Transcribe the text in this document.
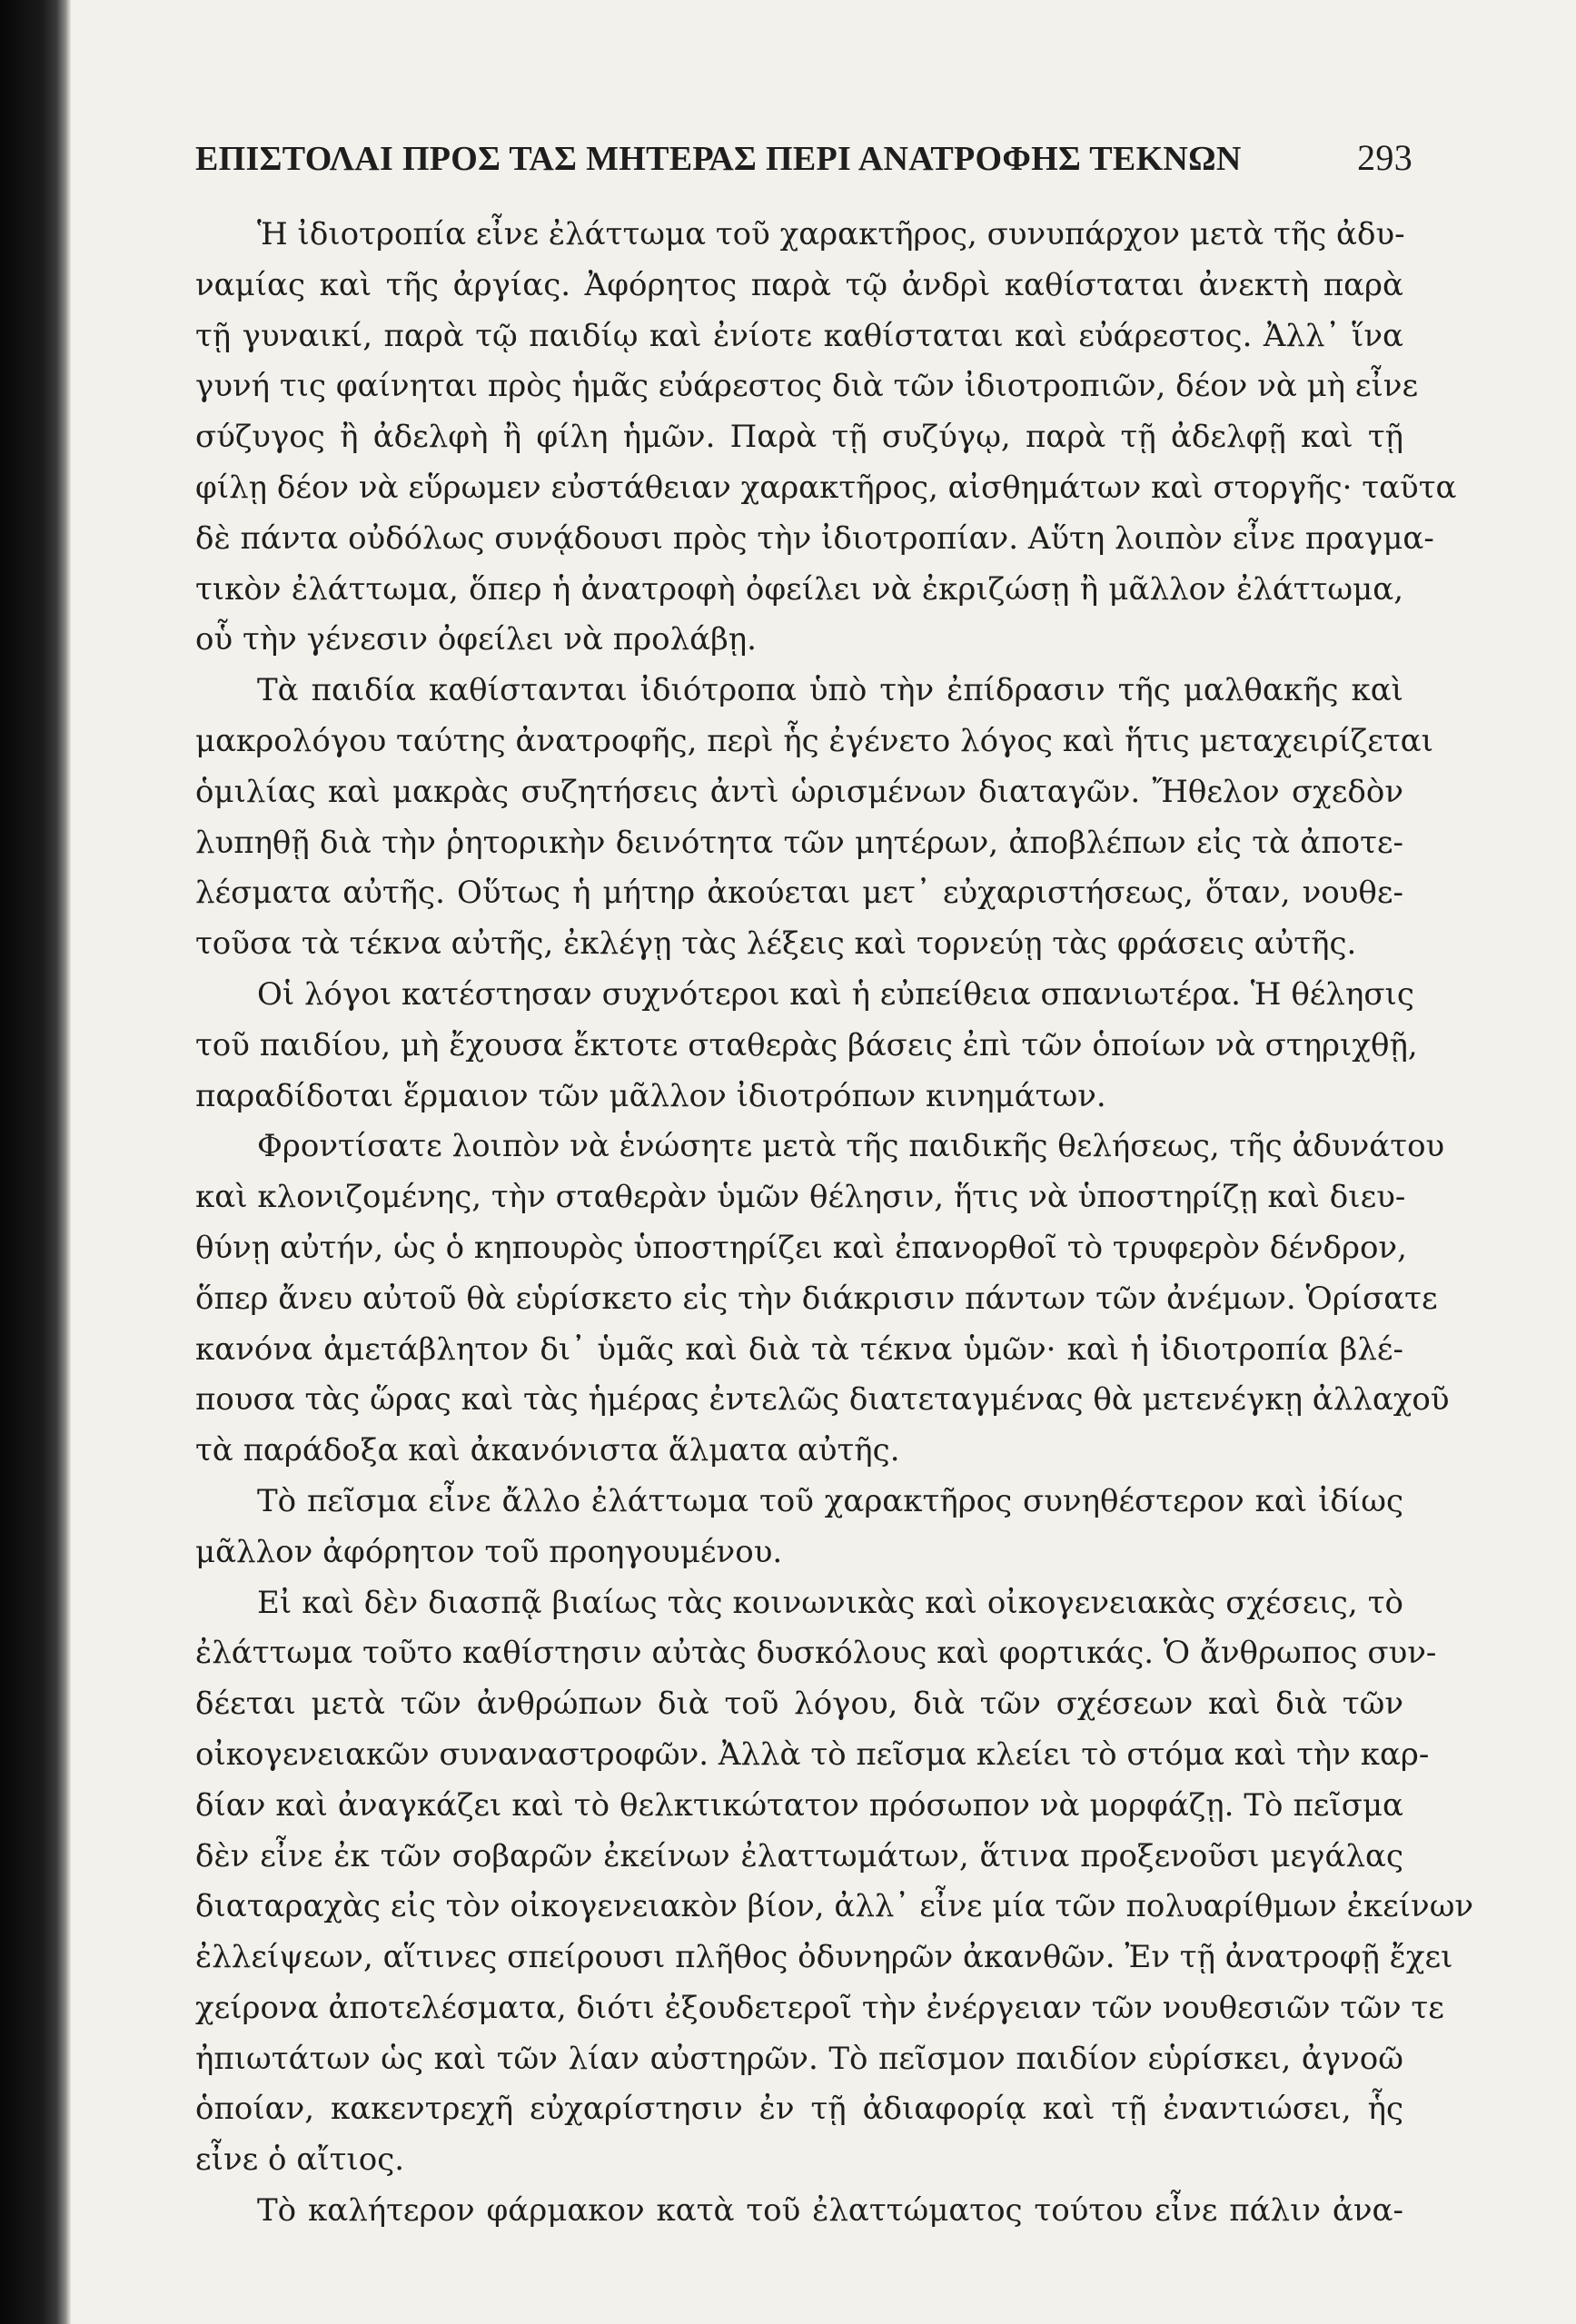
ΕΠΙΣΤΟΛΑΙ ΠΡΟΣ ΤΑΣ ΜΗΤΕΡΑΣ ΠΕΡΙ ΑΝΑΤΡΟΦΗΣ ΤΕΚΝΩΝ	293
Ἡ ἰδιοτροπία εἶνε ἐλάττωμα τοῦ χαρακτῆρος, συνυπάρχον μετὰ τῆς ἀδυ-
ναμίας καὶ τῆς ἀργίας. Ἀφόρητος παρὰ τῷ ἀνδρὶ καθίσταται ἀνεκτὴ παρὰ
τῇ γυναικί, παρὰ τῷ παιδίῳ καὶ ἐνίοτε καθίσταται καὶ εὐάρεστος. Ἀλλ᾽ ἵνα
γυνή τις φαίνηται πρὸς ἡμᾶς εὐάρεστος διὰ τῶν ἰδιοτροπιῶν, δέον νὰ μὴ εἶνε
σύζυγος ἢ ἀδελφὴ ἢ φίλη ἡμῶν. Παρὰ τῇ συζύγῳ, παρὰ τῇ ἀδελφῇ καὶ τῇ
φίλῃ δέον νὰ εὕρωμεν εὐστάθειαν χαρακτῆρος, αἰσθημάτων καὶ στοργῆς· ταῦτα
δὲ πάντα οὐδόλως συνᾴδουσι πρὸς τὴν ἰδιοτροπίαν. Αὕτη λοιπὸν εἶνε πραγμα-
τικὸν ἐλάττωμα, ὅπερ ἡ ἀνατροφὴ ὀφείλει νὰ ἐκριζώσῃ ἢ μᾶλλον ἐλάττωμα,
οὗ τὴν γένεσιν ὀφείλει νὰ προλάβῃ.
Τὰ παιδία καθίστανται ἰδιότροπα ὑπὸ τὴν ἐπίδρασιν τῆς μαλθακῆς καὶ
μακρολόγου ταύτης ἀνατροφῆς, περὶ ἧς ἐγένετο λόγος καὶ ἥτις μεταχειρίζεται
ὁμιλίας καὶ μακρὰς συζητήσεις ἀντὶ ὡρισμένων διαταγῶν. Ἤθελον σχεδὸν
λυπηθῇ διὰ τὴν ῥητορικὴν δεινότητα τῶν μητέρων, ἀποβλέπων εἰς τὰ ἀποτε-
λέσματα αὐτῆς. Οὕτως ἡ μήτηρ ἀκούεται μετ᾽ εὐχαριστήσεως, ὅταν, νουθε-
τοῦσα τὰ τέκνα αὐτῆς, ἐκλέγῃ τὰς λέξεις καὶ τορνεύῃ τὰς φράσεις αὐτῆς.
Οἱ λόγοι κατέστησαν συχνότεροι καὶ ἡ εὐπείθεια σπανιωτέρα. Ἡ θέλησις
τοῦ παιδίου, μὴ ἔχουσα ἔκτοτε σταθερὰς βάσεις ἐπὶ τῶν ὁποίων νὰ στηριχθῇ,
παραδίδοται ἕρμαιον τῶν μᾶλλον ἰδιοτρόπων κινημάτων.
Φροντίσατε λοιπὸν νὰ ἑνώσητε μετὰ τῆς παιδικῆς θελήσεως, τῆς ἀδυνάτου
καὶ κλονιζομένης, τὴν σταθερὰν ὑμῶν θέλησιν, ἥτις νὰ ὑποστηρίζῃ καὶ διευ-
θύνῃ αὐτήν, ὡς ὁ κηπουρὸς ὑποστηρίζει καὶ ἐπανορθοῖ τὸ τρυφερὸν δένδρον,
ὅπερ ἄνευ αὐτοῦ θὰ εὑρίσκετο εἰς τὴν διάκρισιν πάντων τῶν ἀνέμων. Ὁρίσατε
κανόνα ἀμετάβλητον δι᾽ ὑμᾶς καὶ διὰ τὰ τέκνα ὑμῶν· καὶ ἡ ἰδιοτροπία βλέ-
πουσα τὰς ὥρας καὶ τὰς ἡμέρας ἐντελῶς διατεταγμένας θὰ μετενέγκῃ ἀλλαχοῦ
τὰ παράδοξα καὶ ἀκανόνιστα ἅλματα αὐτῆς.
Τὸ πεῖσμα εἶνε ἄλλο ἐλάττωμα τοῦ χαρακτῆρος συνηθέστερον καὶ ἰδίως
μᾶλλον ἀφόρητον τοῦ προηγουμένου.
Εἰ καὶ δὲν διασπᾷ βιαίως τὰς κοινωνικὰς καὶ οἰκογενειακὰς σχέσεις, τὸ
ἐλάττωμα τοῦτο καθίστησιν αὐτὰς δυσκόλους καὶ φορτικάς. Ὁ ἄνθρωπος συν-
δέεται μετὰ τῶν ἀνθρώπων διὰ τοῦ λόγου, διὰ τῶν σχέσεων καὶ διὰ τῶν
οἰκογενειακῶν συναναστροφῶν. Ἀλλὰ τὸ πεῖσμα κλείει τὸ στόμα καὶ τὴν καρ-
δίαν καὶ ἀναγκάζει καὶ τὸ θελκτικώτατον πρόσωπον νὰ μορφάζῃ. Τὸ πεῖσμα
δὲν εἶνε ἐκ τῶν σοβαρῶν ἐκείνων ἐλαττωμάτων, ἅτινα προξενοῦσι μεγάλας
διαταραχὰς εἰς τὸν οἰκογενειακὸν βίον, ἀλλ᾽ εἶνε μία τῶν πολυαρίθμων ἐκείνων
ἐλλείψεων, αἵτινες σπείρουσι πλῆθος ὀδυνηρῶν ἀκανθῶν. Ἐν τῇ ἀνατροφῇ ἔχει
χείρονα ἀποτελέσματα, διότι ἐξουδετεροῖ τὴν ἐνέργειαν τῶν νουθεσιῶν τῶν τε
ἠπιωτάτων ὡς καὶ τῶν λίαν αὐστηρῶν. Τὸ πεῖσμον παιδίον εὑρίσκει, ἀγνοῶ
ὁποίαν, κακεντρεχῆ εὐχαρίστησιν ἐν τῇ ἀδιαφορίᾳ καὶ τῇ ἐναντιώσει, ἧς
εἶνε ὁ αἴτιος.
Τὸ καλήτερον φάρμακον κατὰ τοῦ ἐλαττώματος τούτου εἶνε πάλιν ἀνα-
